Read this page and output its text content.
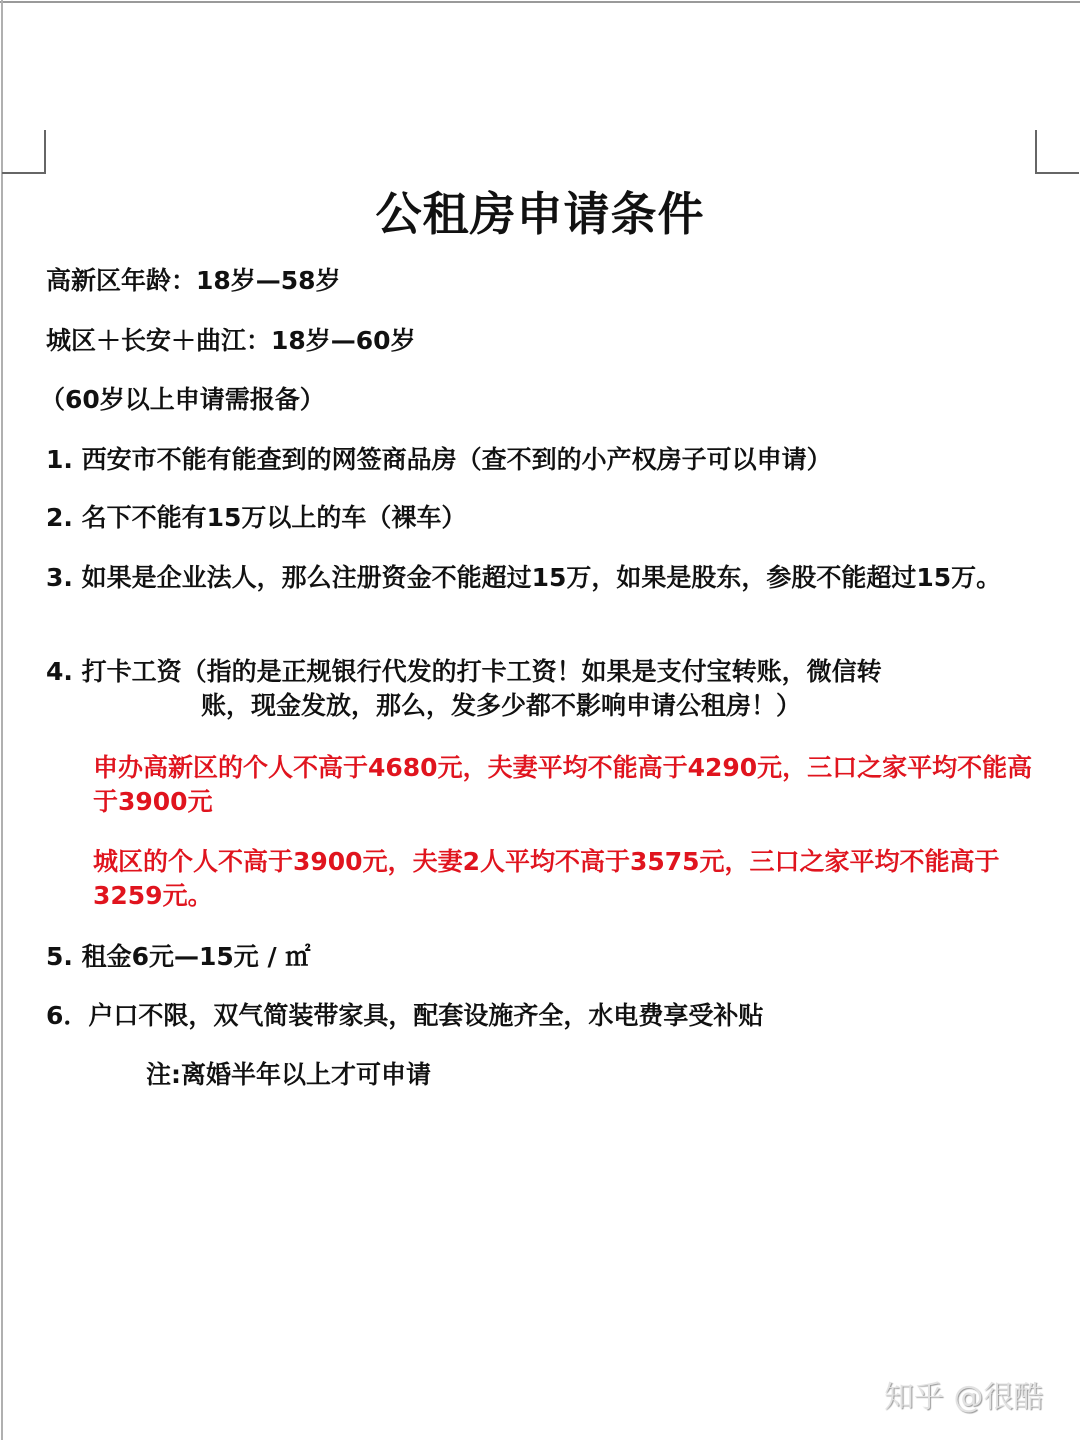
公租房申请条件
高新区年龄：18岁—58岁
城区＋长安＋曲江：18岁—60岁
（60岁以上申请需报备）
1. 西安市不能有能查到的网签商品房（查不到的小产权房子可以申请）
2. 名下不能有15万以上的车（裸车）
3. 如果是企业法人，那么注册资金不能超过15万，如果是股东，参股不能超过15万。
4. 打卡工资（指的是正规银行代发的打卡工资！如果是支付宝转账，微信转
账，现金发放，那么，发多少都不影响申请公租房！）
申办高新区的个人不高于4680元，夫妻平均不能高于4290元，三口之家平均不能高于3900元
城区的个人不高于3900元，夫妻2人平均不高于3575元，三口之家平均不能高于3259元。
5. 租金6元—15元 / ㎡
6．户口不限，双气简装带家具，配套设施齐全，水电费享受补贴
注:离婚半年以上才可申请
知乎 @很酷
